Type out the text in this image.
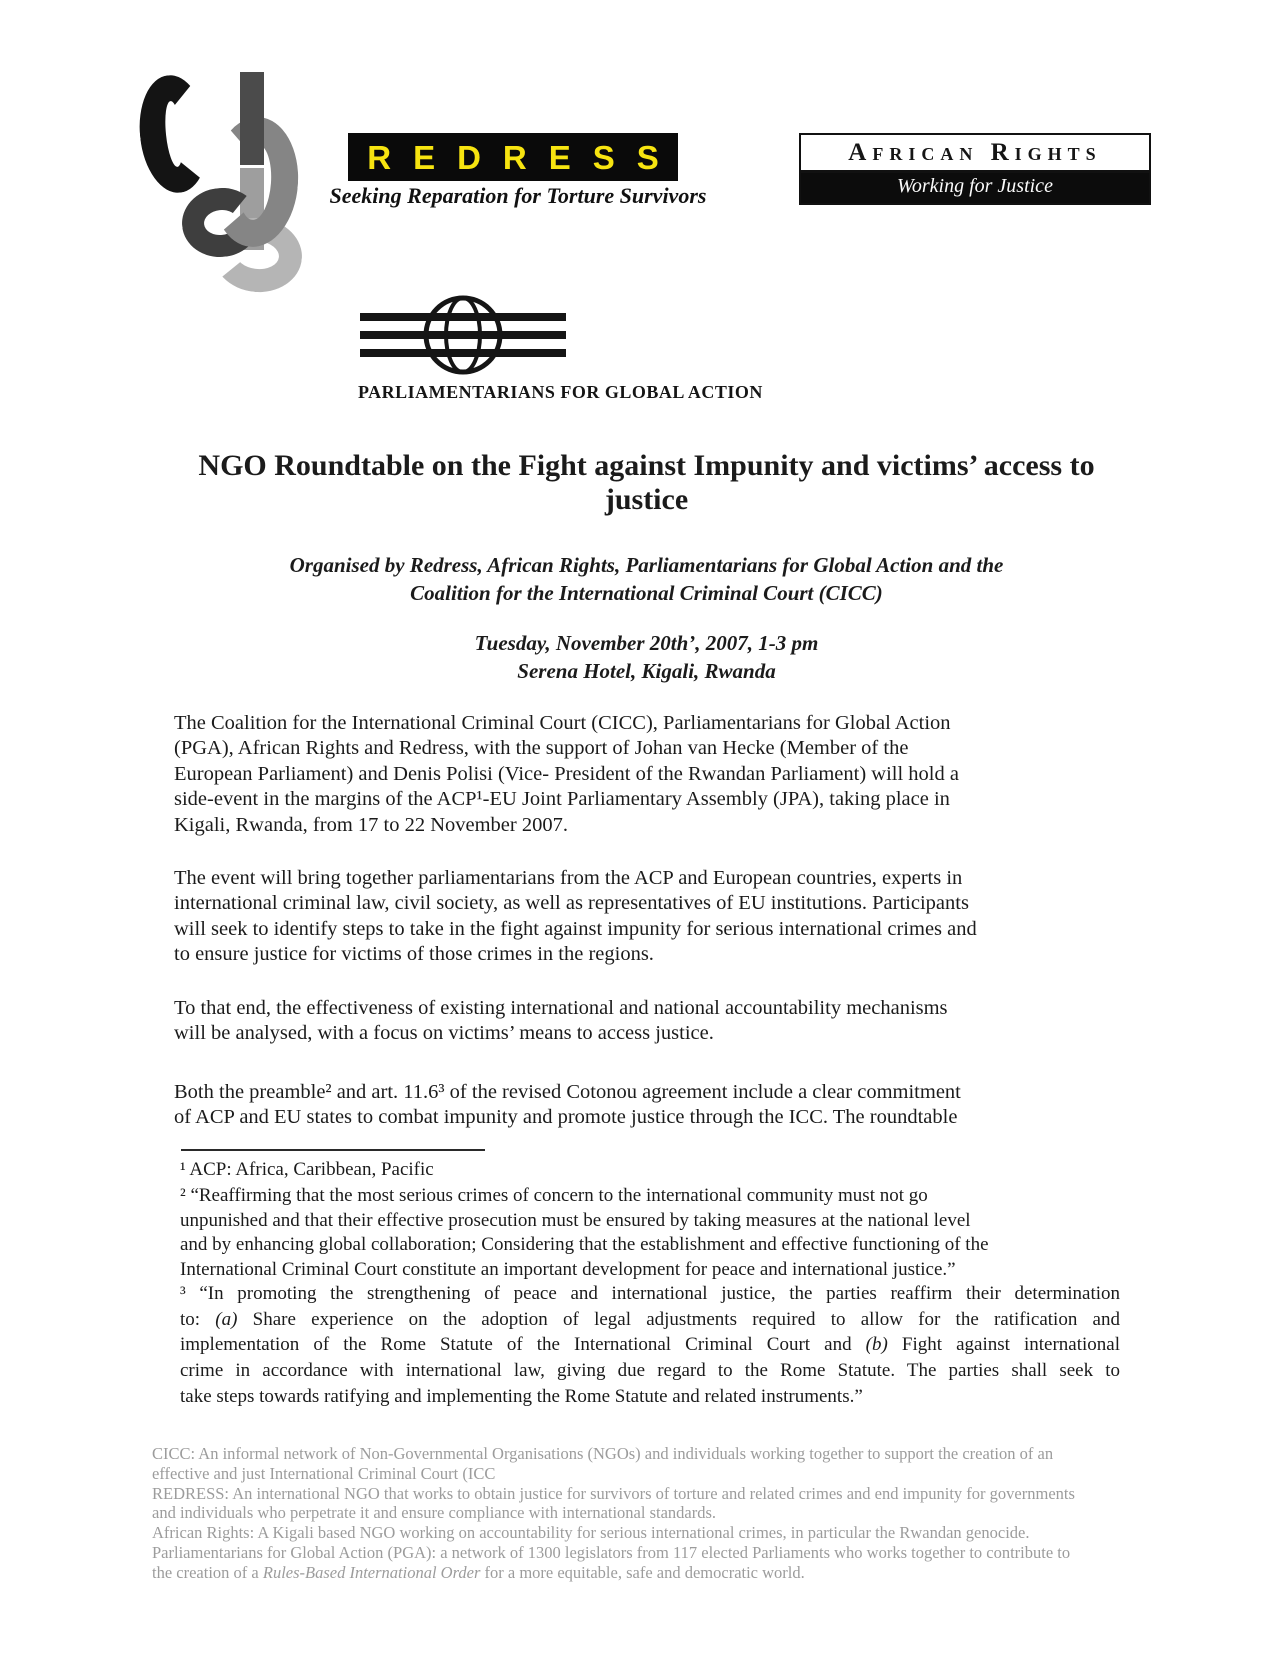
REDRESS
Seeking Reparation for Torture Survivors
African Rights
Working for Justice
PARLIAMENTARIANS FOR GLOBAL ACTION
NGO Roundtable on the Fight against Impunity and victims’ access to
justice
Organised by Redress, African Rights, Parliamentarians for Global Action and the
Coalition for the International Criminal Court (CICC)
Tuesday, November 20th’, 2007, 1-3 pm
Serena Hotel, Kigali, Rwanda
The Coalition for the International Criminal Court (CICC), Parliamentarians for Global Action
(PGA), African Rights and Redress, with the support of Johan van Hecke (Member of the
European Parliament) and Denis Polisi (Vice- President of the Rwandan Parliament) will hold a
side-event in the margins of the ACP¹-EU Joint Parliamentary Assembly (JPA), taking place in
Kigali, Rwanda, from 17 to 22 November 2007.
The event will bring together parliamentarians from the ACP and European countries, experts in
international criminal law, civil society, as well as representatives of EU institutions. Participants
will seek to identify steps to take in the fight against impunity for serious international crimes and
to ensure justice for victims of those crimes in the regions.
To that end, the effectiveness of existing international and national accountability mechanisms
will be analysed, with a focus on victims’ means to access justice.
Both the preamble² and art. 11.6³ of the revised Cotonou agreement include a clear commitment
of ACP and EU states to combat impunity and promote justice through the ICC. The roundtable
¹ ACP: Africa, Caribbean, Pacific
² “Reaffirming that the most serious crimes of concern to the international community must not go
unpunished and that their effective prosecution must be ensured by taking measures at the national level
and by enhancing global collaboration; Considering that the establishment and effective functioning of the
International Criminal Court constitute an important development for peace and international justice.”
³ “In promoting the strengthening of peace and international justice, the parties reaffirm their determination
to: (a) Share experience on the adoption of legal adjustments required to allow for the ratification and
implementation of the Rome Statute of the International Criminal Court and (b) Fight against international
crime in accordance with international law, giving due regard to the Rome Statute. The parties shall seek to
take steps towards ratifying and implementing the Rome Statute and related instruments.”
CICC: An informal network of Non-Governmental Organisations (NGOs) and individuals working together to support the creation of an
effective and just International Criminal Court (ICC
REDRESS: An international NGO that works to obtain justice for survivors of torture and related crimes and end impunity for governments
and individuals who perpetrate it and ensure compliance with international standards.
African Rights: A Kigali based NGO working on accountability for serious international crimes, in particular the Rwandan genocide.
Parliamentarians for Global Action (PGA): a network of 1300 legislators from 117 elected Parliaments who works together to contribute to
the creation of a Rules-Based International Order for a more equitable, safe and democratic world.
